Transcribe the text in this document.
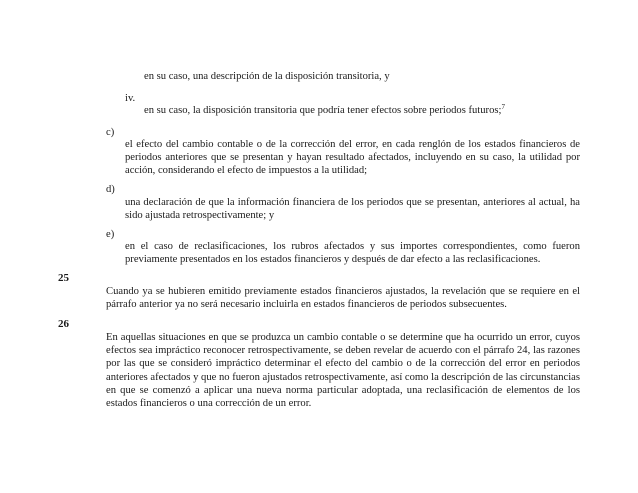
en su caso, una descripción de la disposición transitoria, y
iv.
en su caso, la disposición transitoria que podría tener efectos sobre periodos futuros;$^7$
c)
el efecto del cambio contable o de la corrección del error, en cada renglón de los estados financieros de periodos anteriores que se presentan y hayan resultado afectados, incluyendo en su caso, la utilidad por acción, considerando el efecto de impuestos a la utilidad;
d)
una declaración de que la información financiera de los periodos que se presentan, anteriores al actual, ha sido ajustada retrospectivamente; y
e)
en el caso de reclasificaciones, los rubros afectados y sus importes correspondientes, como fueron previamente presentados en los estados financieros y después de dar efecto a las reclasificaciones.
25
Cuando ya se hubieren emitido previamente estados financieros ajustados, la revelación que se requiere en el párrafo anterior ya no será necesario incluirla en estados financieros de periodos subsecuentes.
26
En aquellas situaciones en que se produzca un cambio contable o se determine que ha ocurrido un error, cuyos efectos sea impráctico reconocer retrospectivamente, se deben revelar de acuerdo con el párrafo 24, las razones por las que se consideró impráctico determinar el efecto del cambio o de la corrección del error en periodos anteriores afectados y que no fueron ajustados retrospectivamente, así como la descripción de las circunstancias en que se comenzó a aplicar una nueva norma particular adoptada, una reclasificación de elementos de los estados financieros o una corrección de un error.
